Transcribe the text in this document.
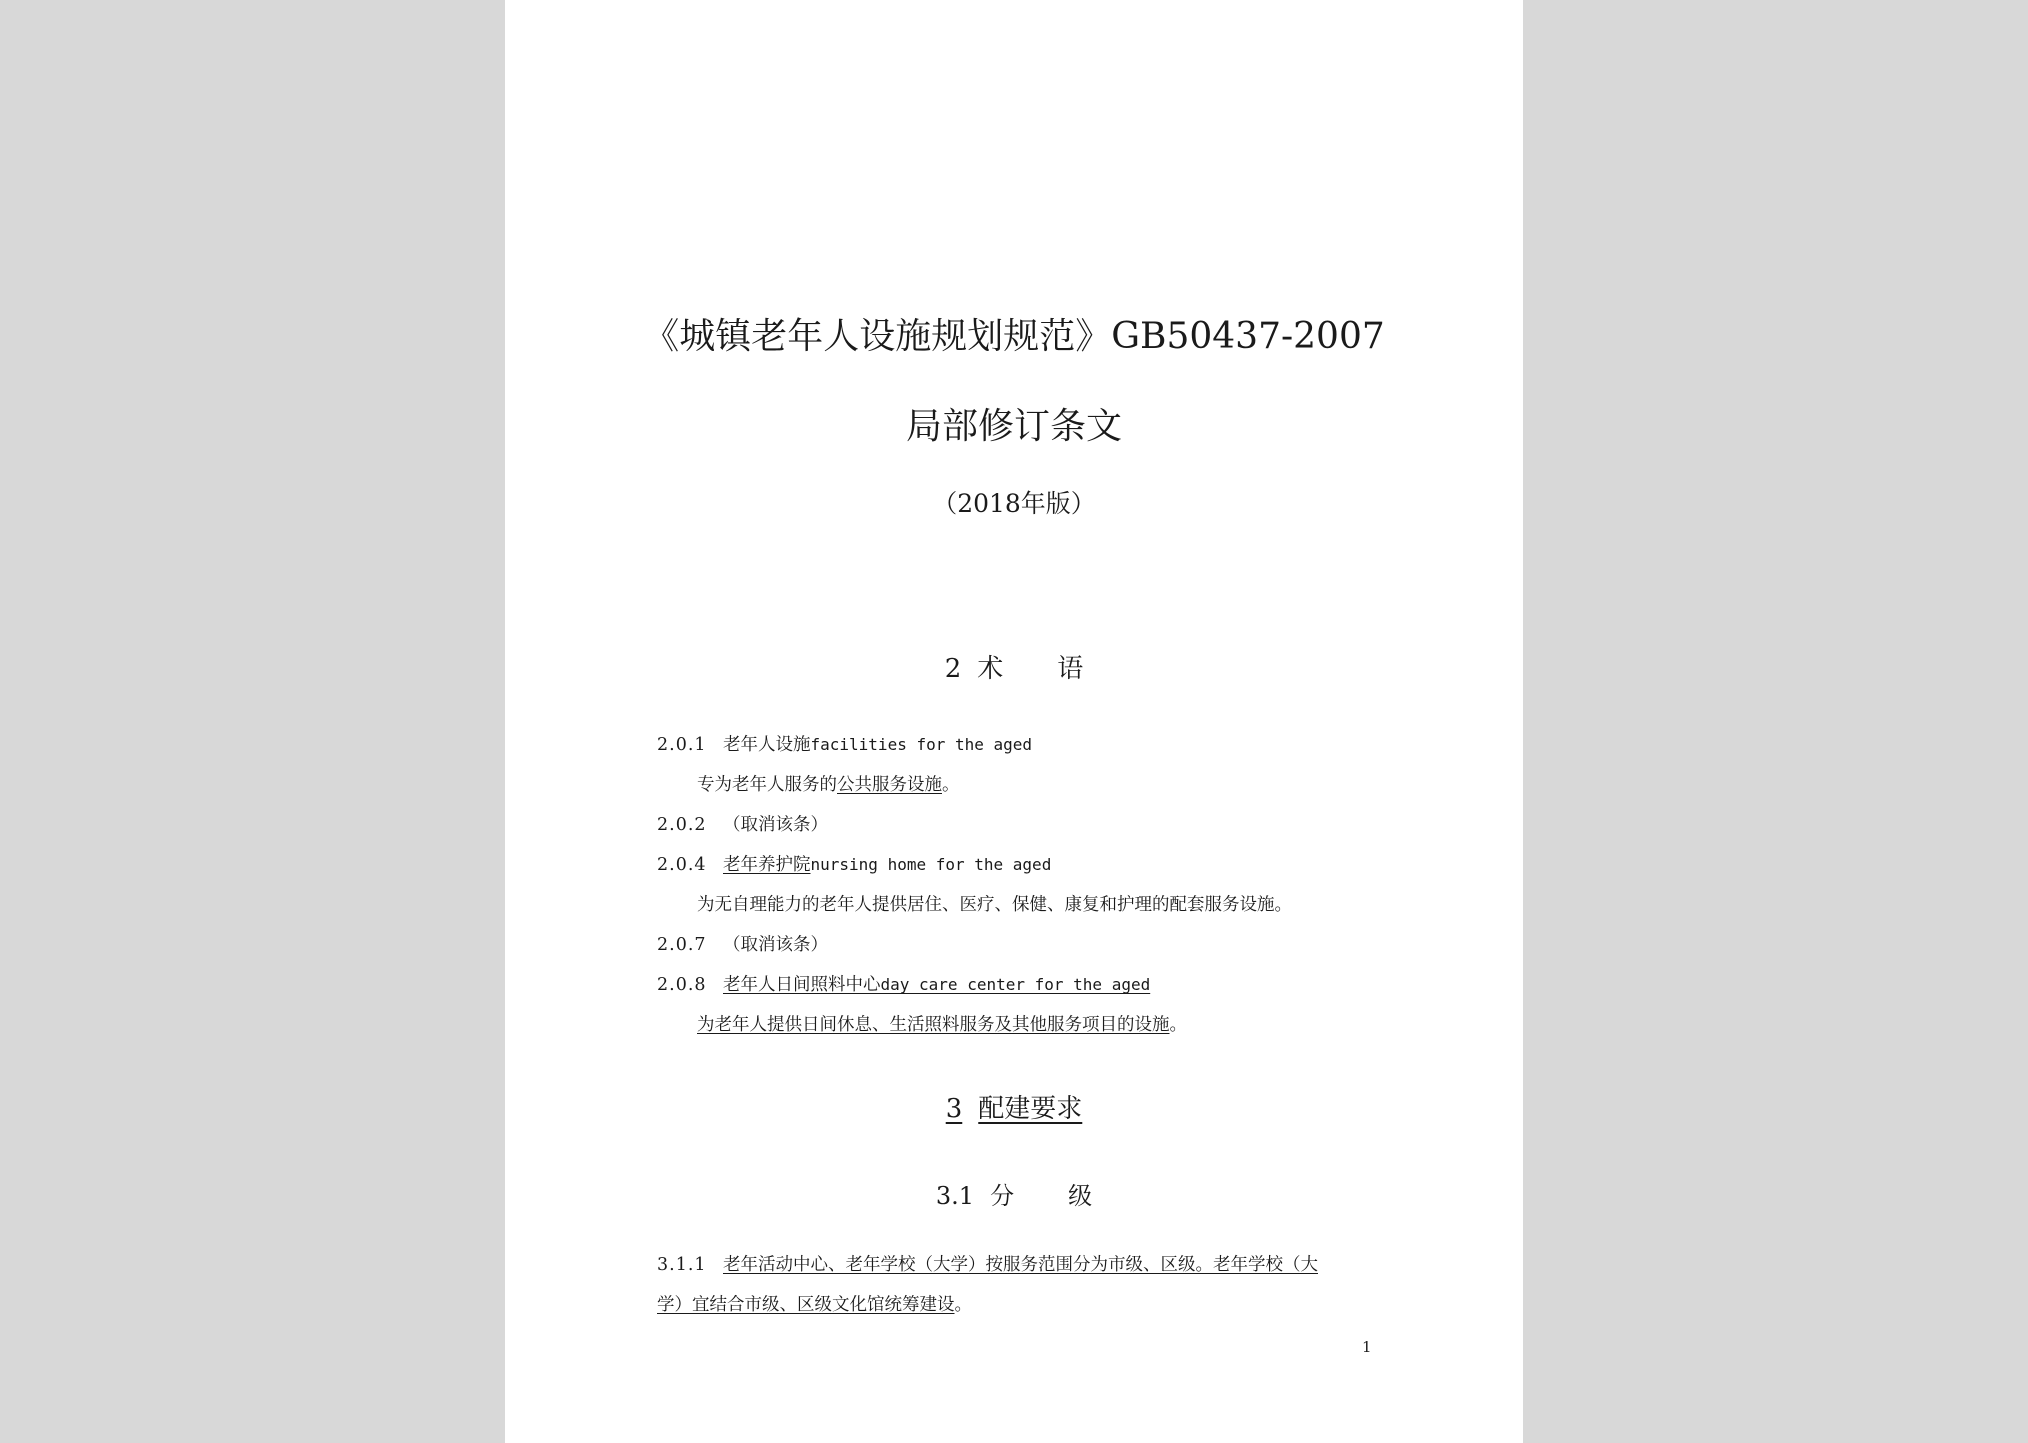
《城镇老年人设施规划规范》GB50437-2007
局部修订条文
（2018年版）
2 术 语
2.0.1 老年人设施facilities for the aged
专为老年人服务的公共服务设施。
2.0.2 （取消该条）
2.0.4 老年养护院nursing home for the aged
为无自理能力的老年人提供居住、医疗、保健、康复和护理的配套服务设施。
2.0.7 （取消该条）
2.0.8 老年人日间照料中心day care center for the aged
为老年人提供日间休息、生活照料服务及其他服务项目的设施。
3 配建要求
3.1 分 级
3.1.1 老年活动中心、老年学校（大学）按服务范围分为市级、区级。老年学校（大
学）宜结合市级、区级文化馆统筹建设。
1
